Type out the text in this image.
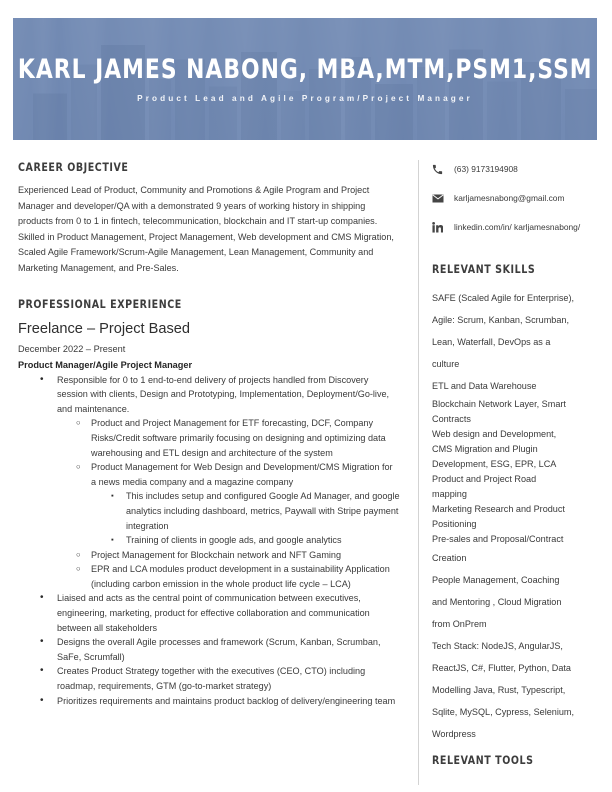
KARL JAMES NABONG, MBA,MTM,PSM1,SSM
Product Lead and Agile Program/Project Manager
CAREER OBJECTIVE

Experienced Lead of Product, Community and Promotions & Agile Program and Project Manager and developer/QA with a demonstrated 9 years of working history in shipping products from 0 to 1 in fintech, telecommunication, blockchain and IT start-up companies. Skilled in Product Management, Project Management, Web development and CMS Migration, Scaled Agile Framework/Scrum-Agile Management, Lean Management, Community and Marketing Management, and Pre-Sales.

PROFESSIONAL EXPERIENCE
Freelance – Project Based
December 2022 – Present
Product Manager/Agile Project Manager
•	Responsible for 0 to 1 end-to-end delivery of projects handled from Discovery session with clients, Design and Prototyping, Implementation, Deployment/Go-live, and maintenance.
○	Product and Project Management for ETF forecasting, DCF, Company Risks/Credit software primarily focusing on designing and optimizing data warehousing and ETL design and architecture of the system
○	Product Management for Web Design and Development/CMS Migration for a news media company and a magazine company
▪	This includes setup and configured Google Ad Manager, and google analytics including dashboard, metrics, Paywall with Stripe payment integration
▪	Training of clients in google ads, and google analytics
○	Project Management for Blockchain network and NFT Gaming
○	EPR and LCA modules product development in a sustainability Application (including carbon emission in the whole product life cycle – LCA)
•	Liaised and acts as the central point of communication between executives, engineering, marketing, product for effective collaboration and communication between all stakeholders
•	Designs the overall Agile processes and framework (Scrum, Kanban, Scrumban, SaFe, Scrumfall)
•	Creates Product Strategy together with the executives (CEO, CTO) including roadmap, requirements, GTM (go-to-market strategy)
•	Prioritizes requirements and maintains product backlog of delivery/engineering team
(63) 9173194908
karljamesnabong@gmail.com
linkedin.com/in/ karljamesnabong/
RELEVANT SKILLS
SAFE (Scaled Agile for Enterprise),
Agile: Scrum, Kanban, Scrumban,
Lean, Waterfall, DevOps as a
culture
ETL and Data Warehouse
Blockchain Network Layer, Smart
Contracts
Web design and Development,
CMS Migration and Plugin
Development, ESG, EPR, LCA
Product and Project Road
mapping
Marketing Research and Product
Positioning
Pre-sales and Proposal/Contract
Creation
People Management, Coaching
and Mentoring , Cloud Migration
from OnPrem
Tech Stack: NodeJS, AngularJS,
ReactJS, C#, Flutter, Python, Data
Modelling Java, Rust, Typescript,
Sqlite, MySQL, Cypress, Selenium,
Wordpress
RELEVANT TOOLS
